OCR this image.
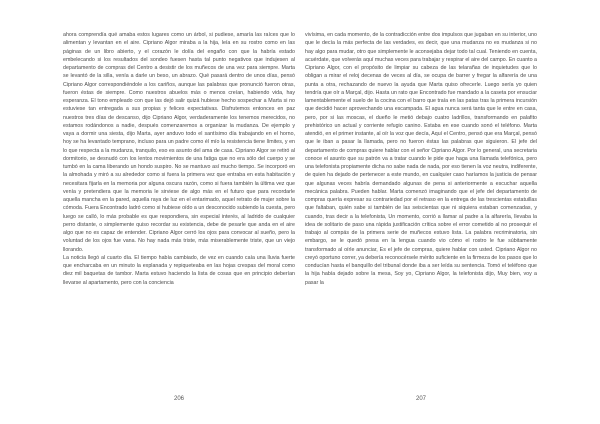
ahora comprendía qué amaba estos lugares como un árbol, si pudiese, amaría las raíces que lo alimentan y levantan en el aire. Cipriano Algor miraba a la hija, leía en su rostro como en las páginas de un libro abierto, y el corazón le dolía del engaño con que la habría estado embelecando si los resultados del sondeo fuesen hasta tal punto negativos que indujesen al departamento de compras del Centro a desistir de los muñecos de una vez para siempre. Marta se levantó de la silla, venía a darle un beso, un abrazo. Qué pasará dentro de unos días, pensó Cipriano Algor correspondiéndole a los cariños, aunque las palabras que pronunció fueron otras, fueron éstas de siempre. Como nuestros abuelos más o menos creían, habiendo vida, hay esperanza. El tono empleado con que las dejó salir quizá hubiese hecho sospechar a Marta si no estuviese tan entregada a sus propias y felices expectativas. Disfrutemos entonces en paz nuestros tres días de descanso, dijo Cipriano Algor, verdaderamente los tenemos merecidos, no estamos rodándonos a nadie, después comenzaremos a organizar la mudanza. De ejemplo y vaya a dormir una siesta, dijo Marta, ayer anduvo todo el santísimo día trabajando en el horno, hoy se ha levantado temprano, incluso para un padre como él mío la resistencia tiene límites, y en lo que respecta a la mudanza, tranquilo, eso es asunto del ama de casa. Cipriano Algor se retiró al dormitorio, se desnudó con los lentos movimientos de una fatiga que no era sólo del cuerpo y se tumbó en la cama liberando un hondo suspiro. No se mantuvo así mucho tiempo. Se incorporó en la almohada y miró a su alrededor como si fuera la primera vez que entraba en esta habitación y necesitara fijarla en la memoria por alguna oscura razón, como si fuera también la última vez que venía y pretendiera que la memoria le sirviese de algo más en el futuro que para recordarle aquella mancha en la pared, aquella raya de luz en el entarimado, aquel retrato de mujer sobre la cómoda. Fuera Encontrado ladró como si hubiese oído a un desconocido subiendo la cuesta, pero luego se calló, lo más probable es que respondiera, sin especial interés, al ladrido de cualquier perro distante, o simplemente quiso recordar su existencia, debe de pesarle que anda en el aire algo que no es capaz de entender. Cipriano Algor cerró los ojos para convocar al sueño, pero la voluntad de los ojos fue vana. No hay nada más triste, más miserablemente triste, que un viejo llorando.
La noticia llegó al cuarto día. El tiempo había cambiado, de vez en cuando caía una lluvia fuerte que encharcaba en un minuto la explanada y repiqueteaba en las hojas crespas del moral como diez mil baquetas de tambor. Marta estuvo haciendo la lista de cosas que en principio deberían llevarse al apartamento, pero con la conciencia

vivísima, en cada momento, de la contradicción entre dos impulsos que jugaban en su interior, uno que le decía la más perfecta de las verdades, es decir, que una mudanza no es mudanza si no hay algo para mudar, otro que simplemente le aconsejaba dejar todo tal cual. Teniendo en cuenta, acuérdate, que volverás aquí muchas veces para trabajar y respirar el aire del campo. En cuanto a Cipriano Algor, con el propósito de limpiar su cabeza de las telarañas de inquietudes que lo obligan a mirar el reloj decenas de veces al día, se ocupa de barrer y fregar la alfarería de una punta a otra, rechazando de nuevo la ayuda que Marta quiso ofrecerle. Luego sería yo quien tendría que oír a Marçal, dijo. Hasta un rato que Encontrado fue mandado a la caseta por ensuciar lamentablemente el suelo de la cocina con el barro que traía en las patas tras la primera incursión que decidió hacer aprovechando una escampada. El agua nunca será tanta que le entre en casa, pero, por si las moscas, el dueño le metió debajo cuatro ladrillos, transformando en palafito prehistórico un actual y corriente refugio canino. Estaba en ese cuando sonó el teléfono. Marta atendió, en el primer instante, al oír la voz que decía, Aquí el Centro, pensó que era Marçal, pensó que le iban a pasar la llamada, pero no fueron éstas las palabras que siguieron. El jefe del departamento de compras quiere hablar con el señor Cipriano Algor. Por lo general, una secretaria conoce el asunto que su patrón va a tratar cuando le pide que haga una llamada telefónica, pero una telefonista propiamente dicha no sabe nada de nada, por eso tienen la voz neutra, indiferente, de quien ha dejado de pertenecer a este mundo, en cualquier caso haríamos la justicia de pensar que algunas veces habría demandado algunas de pena si anteriormente a escuchar aquella mecánica palabra. Pueden hablar. Marta comenzó imaginando que el jefe del departamento de compras quería expresar su contrariedad por el retraso en la entrega de las trescientas estatuillas que faltaban, quién sabe si también de las seiscientas que ni siquiera estaban comenzadas, y cuando, tras decir a la telefonista, Un momento, corrió a llamar al padre a la alfarería, llevaba la idea de solitario de paso una rápida justificación crítica sobre el error cometido al no prosequir el trabajo al compás de la primera serie de muñecos estuvo lista. La palabra recriminatoria, sin embargo, se le quedó presa en la lengua cuando vio cómo el rostro le fue súbitamente transformado al oírle anunciar, Es el jefe de compras, quiere hablar con usted. Cipriano Algor no creyó oportuno correr, ya debería reconocérsele mérito suficiente en la firmeza de los pasos que lo conducían hasta el banquillo del tribunal donde iba a ser leída su sentencia. Tomó el teléfono que la hija había dejado sobre la mesa, Soy yo, Cipriano Algor, la telefonista dijo, Muy bien, voy a pasar la

206	207
